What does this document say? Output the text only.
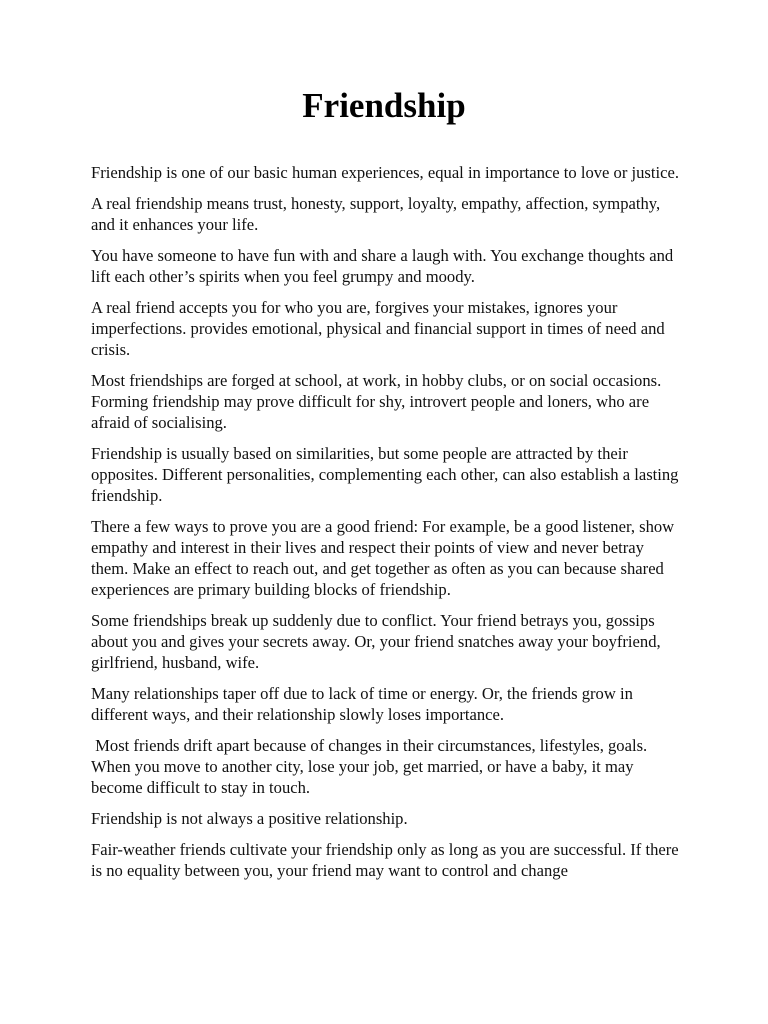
Friendship

Friendship is one of our basic human experiences, equal in importance to love or justice.

A real friendship means trust, honesty, support, loyalty, empathy, affection, sympathy, and it enhances your life.

You have someone to have fun with and share a laugh with. You exchange thoughts and lift each other’s spirits when you feel grumpy and moody.

A real friend accepts you for who you are, forgives your mistakes, ignores your imperfections. provides emotional, physical and financial support in times of need and crisis.

Most friendships are forged at school, at work, in hobby clubs, or on social occasions. Forming friendship may prove difficult for shy, introvert people and loners, who are afraid of socialising.

Friendship is usually based on similarities, but some people are attracted by their opposites. Different personalities, complementing each other, can also establish a lasting friendship.

There a few ways to prove you are a good friend: For example, be a good listener, show empathy and interest in their lives and respect their points of view and never betray them. Make an effect to reach out, and get together as often as you can because shared experiences are primary building blocks of friendship.

Some friendships break up suddenly due to conflict. Your friend betrays you, gossips about you and gives your secrets away. Or, your friend snatches away your boyfriend, girlfriend, husband, wife.

Many relationships taper off due to lack of time or energy. Or, the friends grow in different ways, and their relationship slowly loses importance.

Most friends drift apart because of changes in their circumstances, lifestyles, goals. When you move to another city, lose your job, get married, or have a baby, it may become difficult to stay in touch.

Friendship is not always a positive relationship.

Fair-weather friends cultivate your friendship only as long as you are successful. If there is no equality between you, your friend may want to control and change
